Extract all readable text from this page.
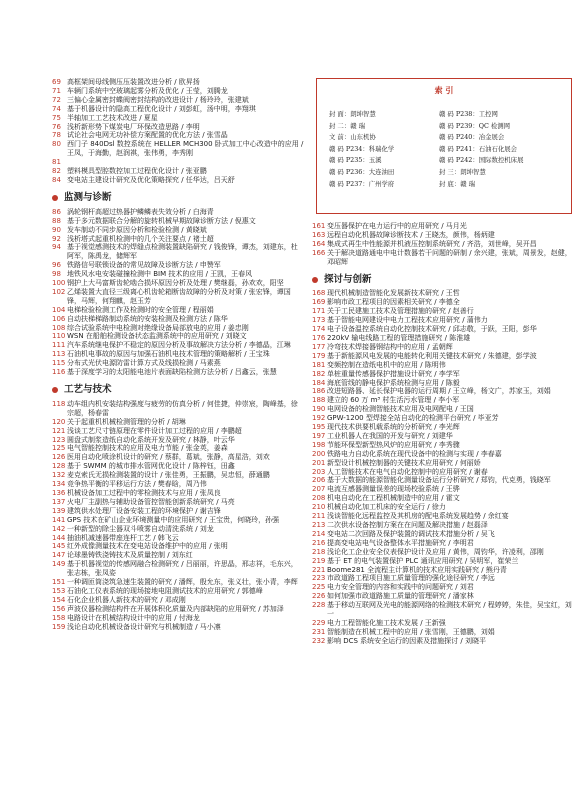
索 引
封 面：朗坤智慧	赣 码 P238：工控网
封 二：赣 瑞	赣 码 P239：QC 检测网
文 前：山东机协	赣 码 P240：冶金展会
赣 码 P234：科瑞化学	赣 码 P241：石油石化展会
赣 码 P235：玉溪	赣 码 P242：国际数控机床展
赣 码 P236：大连油田	封 三：朗坤智慧
赣 码 P237：广州学府	封 底：赣 瑞
69 高框架间母线侧压压装置改进分析 / 欧昇扬
71 车辆门系统中空玻璃起雾分析及优化 / 王莹，刘腾龙
72 三偏心金属密封蝶阀密封结构的改进设计 / 杨玲玲，张建斌
74 基于机器设计的隐高工程优化设计 / 刘彭虹，汤中明，李翔琪
75 半轴加工工艺技术改进 / 夏星
76 浅析新形势下煤炭电厂环保改造思路 / 李明
78 试论社会电网无功补偿方案配置的优化方法 / 张雪晶
80 西门子 840Dsl 数控系统在 HELLER MCH300 卧式加工中心改造中的应用 / 王凤，于海勤，赵润祺，张伟勇，李秀刚
81
82 塑料模具型腔数控加工过程优化设计 / 张亚鹏
84 变电站主建设计研究及优化策略探究 / 任华达，吕天舒
监测与诊断
86 涡轮钢杆高超过热器护鳞鳞表失效分析 / 白海青
88 基于多元数据联合分解的旋转机械早期故障诊断方法 / 倪惠文
90 发车制动不同步原因分析和检验检测 / 黄晓斌
92 浅析塔式起重机检测中的几个关注要点 / 褚土超
94 基于视觉感测技术的焊缝点检测装置缺陷研究 / 钱俊锋，谭杰，刘建东，杜阿军，陈禹龙，储辉军
96 铁路信号联锁设备的常见故障及诊断方法 / 申赞军
98 地铁风水电安装碰撞检测中 BIM 技术的应用 / 王凯，王春风
100 钢护上大马富斯齿轮啮合损坏原因分析及处理 / 樊继磊，孙欢欢，阳坚
102 乙烯装置大直径三级离心机齿轮箱断齿故障的分析及对策 / 张宏锋，谭国锋，马辉，何翔麒，赵玉芳
104 电梯检验检测工作及检测时的安全管理 / 程丽娟
106 自动扶梯梯路制动系统的安装检测及检测方法 / 陈华
108 综合试验系统中电检测对绝缘设备局部放电的应用 / 姜忠刚
110 WSN 在船舶检测设备状态监测系统中的应用研究 / 刘晓文
111 汽车系统继电保护不稳定的原因分析及事故解决方法分析 / 李德晶，江琳
113 石油机电事故的原因与加强石油机电技术管理的策略解析 / 王宝珠
115 分布式光伏电源防雷计算方式及线损检测 / 马素燕
116 基于深度学习的太阳能电池片表面缺陷检测方法分析 / 吕鑫云，张慧
工艺与技术
118 动车组内机安装结构强度与疲劳的仿真分析 / 何佳捷，仲崇宸，陶峰基，徐宗超，杨春雷
120 关于起重机机械检测管理的分析 / 胡琳
121 浅谈工艺尺寸链原理在零件设计加工过程的应用 / 李鹏超
123 圆盘式制浆造纸自动化系统开发及研究 / 林静，叶云华
125 电气智能控制技术的应用及电力节能 / 张金英，姜森
126 医用自动化喷涂机设计的研究 / 蔡群，葛斌，张静，高星浩，刘欢
128 基于 SWMM 的城市排水管网优化设计 / 陈梓钰，田鑫
132 麦克索氏无损检测装置的设计 / 张佳勇，王振鹏，吴忠恒，薛通鹏
134 竞争热平衡的平移运行方法 / 樊春晗，周乃伟
136 机械设备加工过程中的零检测技术与应用 / 张凤良
137 火电厂主副热与辅助设备管控智能创新系统研究 / 马亮
139 建筑供水处理厂设备安装工程的环境保护 / 谢吉锋
141 GPS 技术在矿山企业环境测量中的应用研究 / 王宝贵，何晓玲，孙强
142 一种新型的除尘器双斗喷雾自动清洗系统 / 刘龙
144 抽油机减速器带座连杆工艺 / 韩飞云
145 红外成像测量技术在变电站设备维护中的应用 / 张明
147 论球墨铸铁浇铸技术及质量控制 / 刘东红
149 基于机器视觉的传感网融合检测研究 / 吕丽丽，许思晶，邢志祥，毛东兴，张志栋，张凤姿
151 一种调匝筒浇筑急速生装置的研究 / 潘辉，殷允东，张义壮，张小青，李辉
153 石油化工仪表系统的现场接地电阻测试技术的应用研究 / 郭德峰
154 石化企业机器人新技术的研究 / 邓成刚
156 声波仪器检测结构件在开展体积化质量及内部缺陷的应用研究 / 苏加泽
158 电路设计在机械结构设计中的应用 / 付海龙
159 浅论自动化机械设备设计研究与机械制造 / 马小凛
161 变压器保护在电力运行中的应用研究 / 马月光
163 远程自动化机器故障诊断技术 / 王晓杰，颜伟，杨炳建
164 集成式再生中性能源并机液压控制系统研究 / 齐浩，刘世峰，吴开昌
166 关于解决道路通电中电计数器若干问题的研制 / 余兴建，张斌，周景发，赵健，邓昭辉
探讨与创新
168 现代机械制造智能化发展新技术研究 / 王哲
169 影响市政工程项目的因素相关研究 / 李德全
171 关于工民建施工技术及管理措施的研究 / 赵善行
173 基于智能电网建设中电力工程技术应用研究 / 蒲伟力
174 电子设备温控系统自动化控制技术研究 / 邱志敬，于跃，王阳，彭华
176 220kV 输电线路工程的管理措施研究 / 陈淮雄
177 冷弯技术焊接器钢结构中的应用 / 孟朝辉
179 基于新能源风电发展的电能转化利用关键技术研究 / 朱德建，彭学波
181 变频控制在造纸电机中的应用 / 陈明伟
182 单桩重量传感器保护措施设计研究 / 李学军
184 海底管线的静电保护系统检测与应用 / 陈毅
186 改进短路器、延长保护电器的运行周期 / 王立峰，杨文广，苏家玉，刘娟
188 建立的 60 万 m³ 村生活污水管理 / 李小军
190 电网设备的检测智能技术应用及电网配电 / 王国
192 GPW-1200 型焊接全站自动化的检测平台研究 / 毕亚芳
195 现代技术供要机载系统的分析研究 / 李光辉
197 工业机器人在我国的开发与研究 / 刘建华
198 节能环保型新型热风炉的应用研究 / 李秀骤
200 铁路电力自动化系统在现代设备中的检测与实现 / 李春嘉
201 新型设计机械控制器的关键技术应用研究 / 何丽娇
203 人工智能技术在电气自动化控制中的应用研究 / 谢春
206 基于大数据的能源智能化测量设备运行分析研究 / 郑钧，代克勇，钱晓军
207 电流互感器测量误差的现场校验系统 / 王骅
208 机电自动化在工程机械制造中的应用 / 霍文
210 机械自动化加工机床的安全运行 / 徐力
211 浅谈智能化远程监控及其机房的配电系统发展趋势 / 余红宴
213 二次供水设备控制方案在在问题及解决措施 / 赵磊泽
214 变电站二次回路及保护装置的调试技术措施分析 / 吴飞
216 提高变电站电气设备整体水平措施研究 / 李明君
218 浅论化工企业安全仪表保护设计及应用 / 黄伟，周钧华，许凌利，邵刚
219 基于 ET 的电气装置保护 PLC 通讯应用研究 / 吴明军，崔荣兰
221 Boome281 全流程主计算机的技术应用实践研究 / 熊丹青
223 市政道路工程项目施工质量管理的强化途径研究 / 李远
225 电力安全管理的内容和实践中的问题研究 / 刘君
226 如何加强市政道路施工质量的管理研究 / 潘家林
228 基于移动互联网及光电的能源网络的检测技术研究 / 程婷婷，朱佳，吴宝红，刘一
229 电力工程智能化施工技术发展 / 王新强
231 智能制造在机械工程中的应用 / 张雪刚，王德鹏，刘娟
232 影响 DCS 系统安全运行的因素及措施探讨 / 刘晓平
